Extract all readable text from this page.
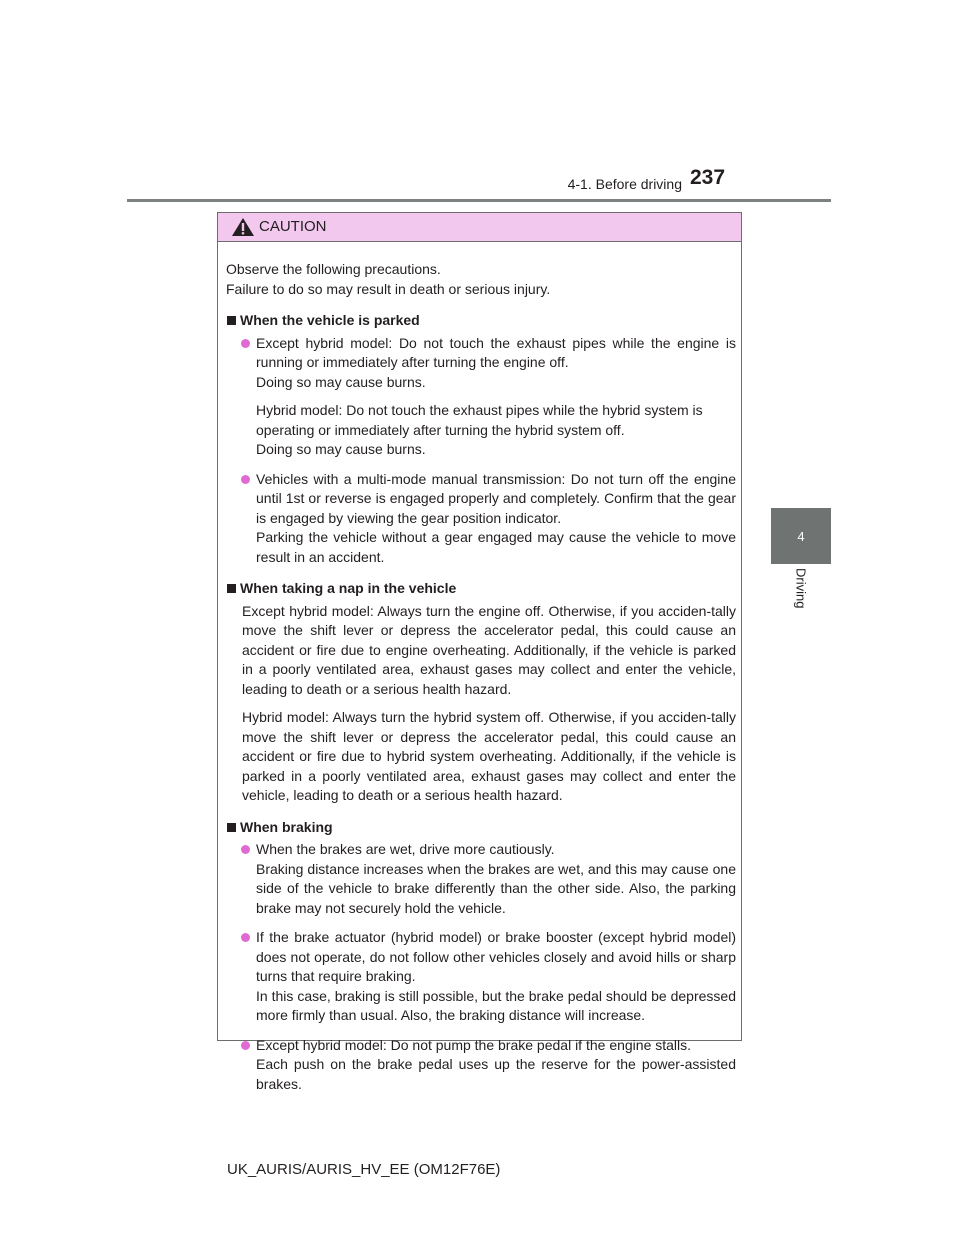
4-1. Before driving 237
4
Driving
CAUTION

Observe the following precautions.

Failure to do so may result in death or serious injury.

When the vehicle is parked

Except hybrid model: Do not touch the exhaust pipes while the engine is running or immediately after turning the engine off.

Doing so may cause burns.

Hybrid model: Do not touch the exhaust pipes while the hybrid system is operating or immediately after turning the hybrid system off.

Doing so may cause burns.

Vehicles with a multi-mode manual transmission: Do not turn off the engine until 1st or reverse is engaged properly and completely. Confirm that the gear is engaged by viewing the gear position indicator.

Parking the vehicle without a gear engaged may cause the vehicle to move result in an accident.

When taking a nap in the vehicle
Except hybrid model: Always turn the engine off. Otherwise, if you acciden-tally move the shift lever or depress the accelerator pedal, this could cause an accident or fire due to engine overheating. Additionally, if the vehicle is parked in a poorly ventilated area, exhaust gases may collect and enter the vehicle, leading to death or a serious health hazard.
Hybrid model: Always turn the hybrid system off. Otherwise, if you acciden-tally move the shift lever or depress the accelerator pedal, this could cause an accident or fire due to hybrid system overheating. Additionally, if the vehicle is parked in a poorly ventilated area, exhaust gases may collect and enter the vehicle, leading to death or a serious health hazard.
When braking

When the brakes are wet, drive more cautiously.

Braking distance increases when the brakes are wet, and this may cause one side of the vehicle to brake differently than the other side. Also, the parking brake may not securely hold the vehicle.

If the brake actuator (hybrid model) or brake booster (except hybrid model) does not operate, do not follow other vehicles closely and avoid hills or sharp turns that require braking.

In this case, braking is still possible, but the brake pedal should be depressed more firmly than usual. Also, the braking distance will increase.

Except hybrid model: Do not pump the brake pedal if the engine stalls.

Each push on the brake pedal uses up the reserve for the power-assisted brakes.

UK_AURIS/AURIS_HV_EE (OM12F76E)
